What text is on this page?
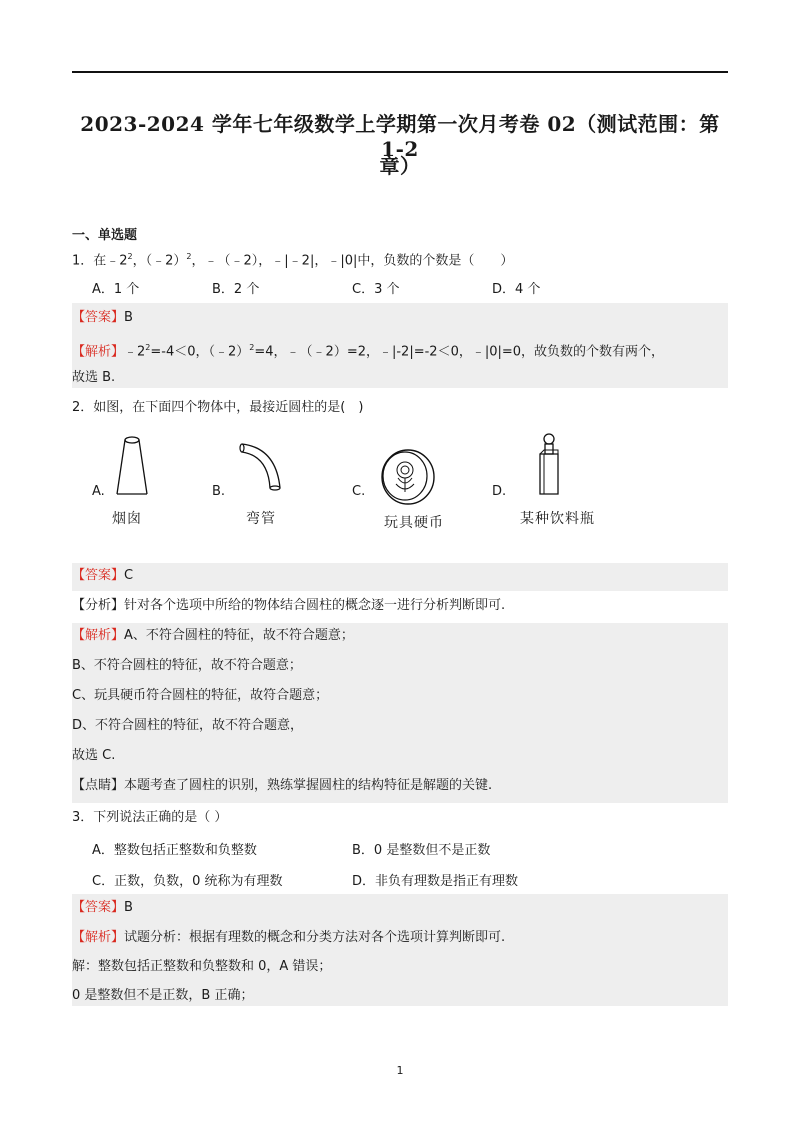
2023-2024 学年七年级数学上学期第一次月考卷 02（测试范围：第 1-2
章）
一、单选题
1．在$﹣2^2$，（﹣2）$^2$，﹣（﹣2），﹣|﹣2|，﹣|0|中，负数的个数是（　　）
A．1 个	B．2 个	C．3 个	D．4 个
【答案】B
【解析】$﹣2^2=-4<0$，（﹣2）$^2$=4，﹣（﹣2）=2，﹣|-2|=-2＜0，﹣|0|=0，故负数的个数有两个，
故选 B.
2．如图，在下面四个物体中，最接近圆柱的是(　)
A.
烟囱
B.
弯管
C.
玩具硬币
D.
某种饮料瓶
【答案】C
【分析】针对各个选项中所给的物体结合圆柱的概念逐一进行分析判断即可.
【解析】A、不符合圆柱的特征，故不符合题意；
B、不符合圆柱的特征，故不符合题意；
C、玩具硬币符合圆柱的特征，故符合题意；
D、不符合圆柱的特征，故不符合题意，
故选 C.
【点睛】本题考查了圆柱的识别，熟练掌握圆柱的结构特征是解题的关键.
3．下列说法正确的是（ ）
A．整数包括正整数和负整数	B．0 是整数但不是正数
C．正数，负数，0 统称为有理数	D．非负有理数是指正有理数
【答案】B
【解析】试题分析：根据有理数的概念和分类方法对各个选项计算判断即可.
解：整数包括正整数和负整数和 0，A 错误；
0 是整数但不是正数，B 正确；
1
